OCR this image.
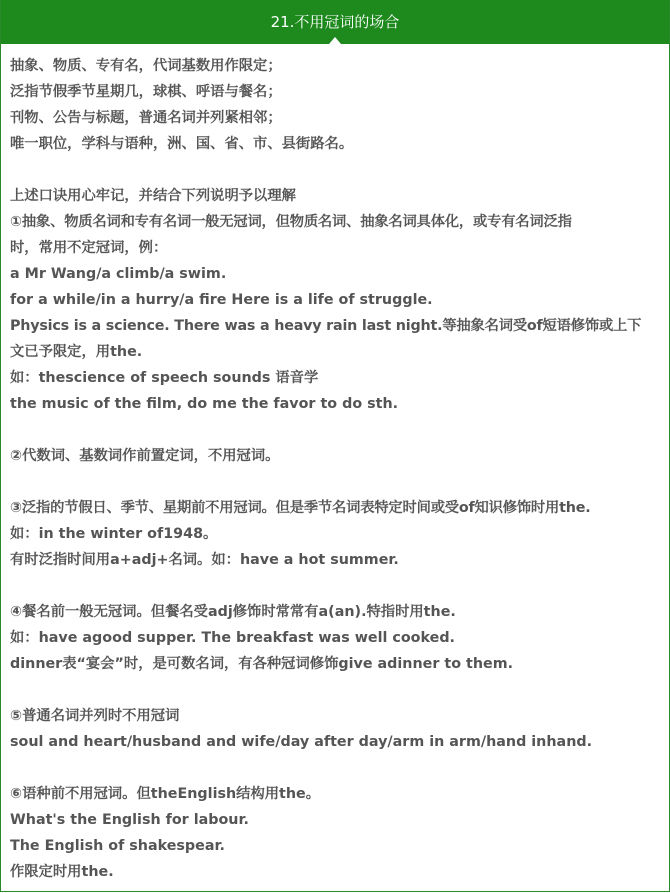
21.不用冠词的场合
抽象、物质、专有名，代词基数用作限定；
泛指节假季节星期几，球棋、呼语与餐名；
刊物、公告与标题，普通名词并列紧相邻；
唯一职位，学科与语种，洲、国、省、市、县街路名。
上述口诀用心牢记，并结合下列说明予以理解
①抽象、物质名词和专有名词一般无冠词，但物质名词、抽象名词具体化，或专有名词泛指
时，常用不定冠词，例：
a Mr Wang/a climb/a swim.
for a while/in a hurry/a fire Here is a life of struggle.
Physics is a science. There was a heavy rain last night.等抽象名词受of短语修饰或上下
文已予限定，用the.
如：thescience of speech sounds 语音学
the music of the film, do me the favor to do sth.
②代数词、基数词作前置定词，不用冠词。
③泛指的节假日、季节、星期前不用冠词。但是季节名词表特定时间或受of知识修饰时用the.
如：in the winter of1948。
有时泛指时间用a+adj+名词。如：have a hot summer.
④餐名前一般无冠词。但餐名受adj修饰时常常有a(an).特指时用the.
如：have agood supper. The breakfast was well cooked.
dinner表“宴会”时，是可数名词，有各种冠词修饰give adinner to them.
⑤普通名词并列时不用冠词
soul and heart/husband and wife/day after day/arm in arm/hand inhand.
⑥语种前不用冠词。但theEnglish结构用the。
What's the English for labour.
The English of shakespear.
作限定时用the.
